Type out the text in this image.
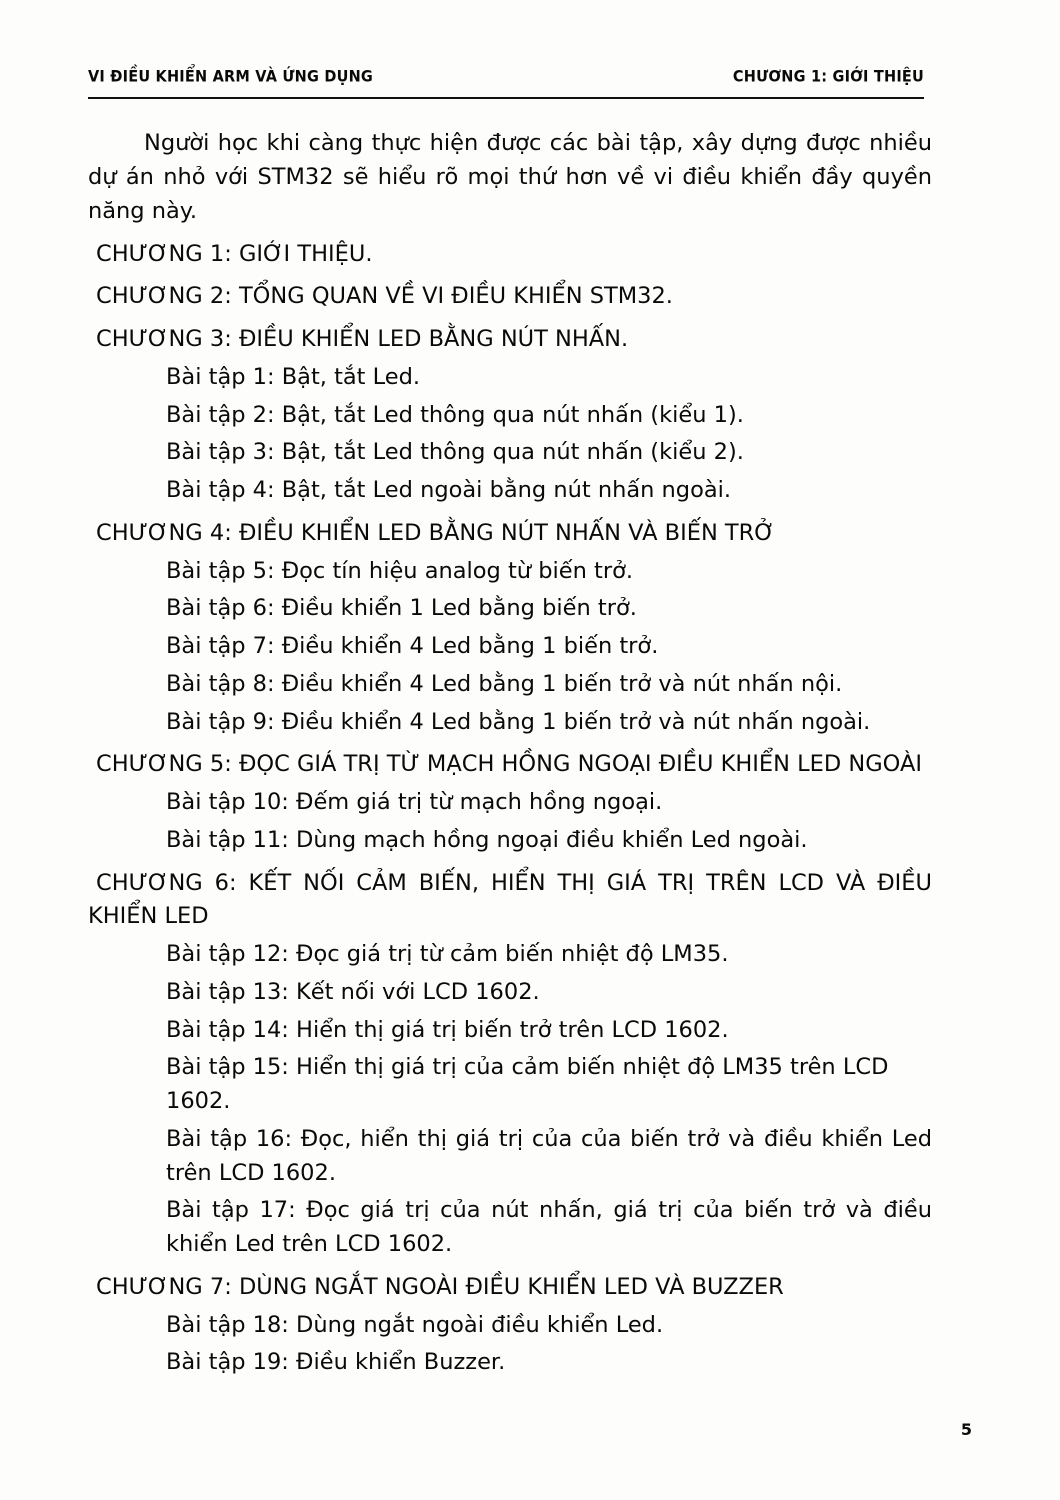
VI ĐIỀU KHIỂN ARM VÀ ỨNG DỤNG	CHƯƠNG 1: GIỚI THIỆU

Người học khi càng thực hiện được các bài tập, xây dựng được nhiều dự án nhỏ với STM32 sẽ hiểu rõ mọi thứ hơn về vi điều khiển đầy quyền năng này.

CHƯƠNG 1: GIỚI THIỆU.
CHƯƠNG 2: TỔNG QUAN VỀ VI ĐIỀU KHIỂN STM32.
CHƯƠNG 3: ĐIỀU KHIỂN LED BẰNG NÚT NHẤN.
Bài tập 1: Bật, tắt Led.
Bài tập 2: Bật, tắt Led thông qua nút nhấn (kiểu 1).
Bài tập 3: Bật, tắt Led thông qua nút nhấn (kiểu 2).
Bài tập 4: Bật, tắt Led ngoài bằng nút nhấn ngoài.
CHƯƠNG 4: ĐIỀU KHIỂN LED BẰNG NÚT NHẤN VÀ BIẾN TRỞ
Bài tập 5: Đọc tín hiệu analog từ biến trở.
Bài tập 6: Điều khiển 1 Led bằng biến trở.
Bài tập 7: Điều khiển 4 Led bằng 1 biến trở.
Bài tập 8: Điều khiển 4 Led bằng 1 biến trở và nút nhấn nội.
Bài tập 9: Điều khiển 4 Led bằng 1 biến trở và nút nhấn ngoài.
CHƯƠNG 5: ĐỌC GIÁ TRỊ TỪ MẠCH HỒNG NGOẠI ĐIỀU KHIỂN LED NGOÀI
Bài tập 10: Đếm giá trị từ mạch hồng ngoại.
Bài tập 11: Dùng mạch hồng ngoại điều khiển Led ngoài.
CHƯƠNG 6: KẾT NỐI CẢM BIẾN, HIỂN THỊ GIÁ TRỊ TRÊN LCD VÀ ĐIỀU KHIỂN LED
Bài tập 12: Đọc giá trị từ cảm biến nhiệt độ LM35.
Bài tập 13: Kết nối với LCD 1602.
Bài tập 14: Hiển thị giá trị biến trở trên LCD 1602.
Bài tập 15: Hiển thị giá trị của cảm biến nhiệt độ LM35 trên LCD 1602.
Bài tập 16: Đọc, hiển thị giá trị của của biến trở và điều khiển Led trên LCD 1602.
Bài tập 17: Đọc giá trị của nút nhấn, giá trị của biến trở và điều khiển Led trên LCD 1602.
CHƯƠNG 7: DÙNG NGẮT NGOÀI ĐIỀU KHIỂN LED VÀ BUZZER
Bài tập 18: Dùng ngắt ngoài điều khiển Led.
Bài tập 19: Điều khiển Buzzer.
5
